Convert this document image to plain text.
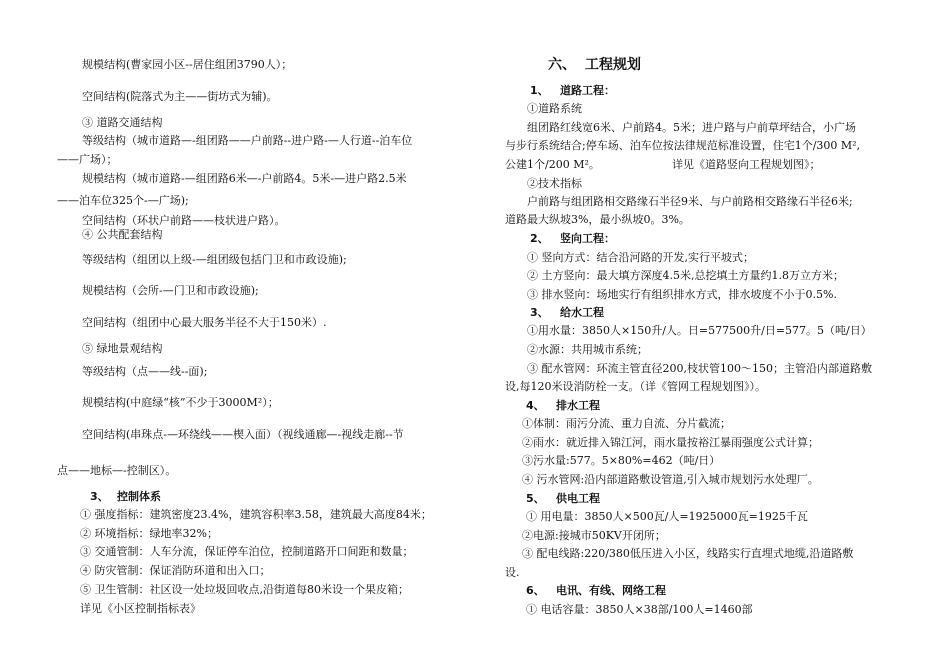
规模结构(曹家园小区--居住组团3790人）；
空间结构(院落式为主——街坊式为辅)。
③ 道路交通结构
等级结构（城市道路—-组团路——户前路--进户路-—人行道--泊车位
——广场）；
规模结构（城市道路-—组团路6米—-户前路4。5米-—进户路2.5米
——泊车位325个-—广场);
空间结构（环状户前路——枝状进户路）。
④ 公共配套结构
等级结构（组团以上级-—组团级包括门卫和市政设施);
规模结构（会所-—门卫和市政设施);
空间结构（组团中心最大服务半径不大于150米）.
⑤ 绿地景观结构
等级结构（点——线--面);
规模结构(中庭绿“核”不少于3000M²）；
空间结构(串珠点-—环绕线——楔入面）（视线通廊—-视线走廊--节
点——地标—-控制区）。
3、 控制体系
① 强度指标：建筑密度23.4%，建筑容积率3.58，建筑最大高度84米；
② 环境指标：绿地率32%；
③ 交通管制：人车分流，保证停车泊位，控制道路开口间距和数量；
④ 防灾管制：保证消防环道和出入口；
⑤ 卫生管制：社区设一处垃圾回收点,沿街道每80米设一个果皮箱；
详见《小区控制指标表》
六、 工程规划
1、 道路工程：
①道路系统
组团路红线宽6米、户前路4。5米；进户路与户前草坪结合，小广场
与步行系统结合;停车场、泊车位按法律规范标准设置，住宅1个/300 M²,
公建1个/200 M²。	详见《道路竖向工程规划图》；
②技术指标
户前路与组团路相交路缘石半径9米、与户前路相交路缘石半径6米;
道路最大纵坡3%，最小纵坡0。3%。
2、 竖向工程：
① 竖向方式：结合沿河路的开发,实行平坡式；
② 土方竖向：最大填方深度4.5米,总挖填土方量约1.8万立方米；
③ 排水竖向：场地实行有组织排水方式，排水坡度不小于0.5%.
3、 给水工程
①用水量：3850人×150升/人。日=577500升/日=577。5（吨/日）
②水源：共用城市系统；
③ 配水管网：环流主管直径200,枝状管100～150；主管沿内部道路敷
设,每120米设消防栓一支。（详《管网工程规划图》）。
4、 排水工程
①体制：雨污分流、重力自流、分片截流；
②雨水：就近排入锦江河，雨水量按裕江暴雨强度公式计算；
③污水量:577。5×80%=462（吨/日）
④ 污水管网:沿内部道路敷设管道,引入城市规划污水处理厂。
5、 供电工程
① 用电量：3850人×500瓦/人=1925000瓦=1925千瓦
②电源:接城市50KV开闭所；
③ 配电线路:220/380低压进入小区，线路实行直埋式地缆,沿道路敷
设.
6、 电讯、有线、网络工程
① 电话容量：3850人×38部/100人=1460部
